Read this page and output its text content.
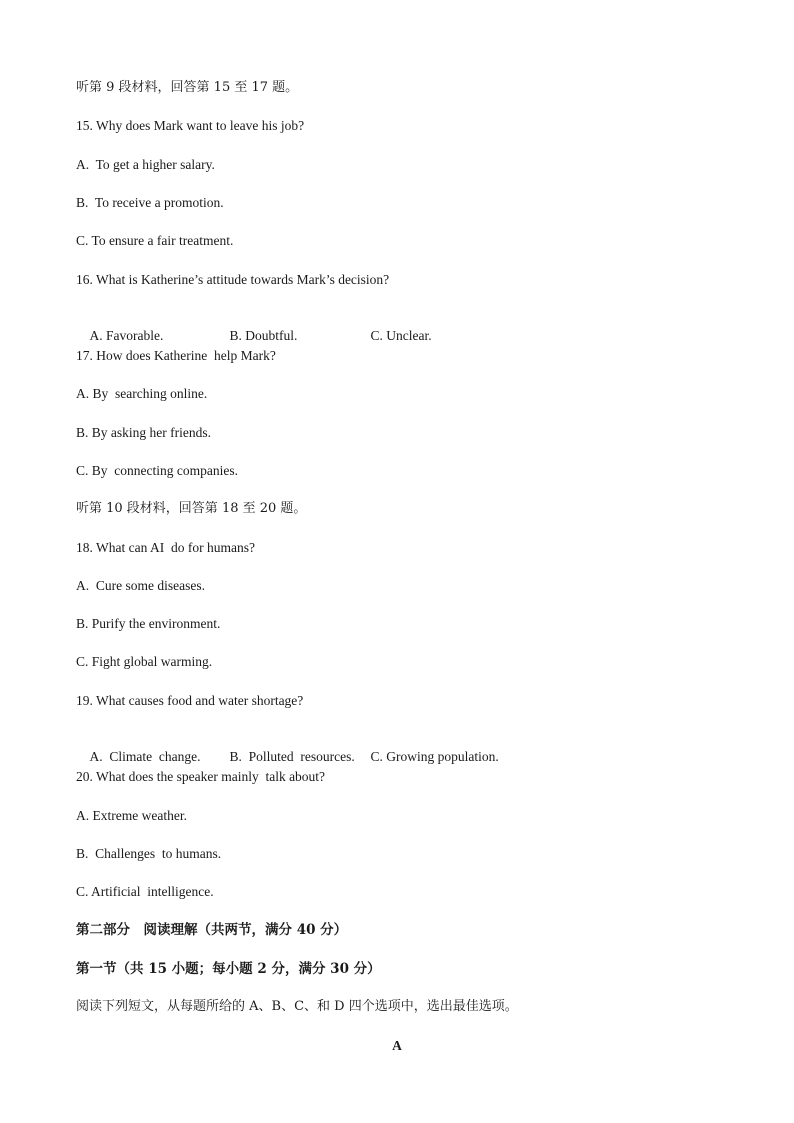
听第 9 段材料，回答第 15 至 17 题。
15. Why does Mark want to leave his job?
A.  To get a higher salary.
B.  To receive a promotion.
C. To ensure a fair treatment.
16. What is Katherine’s attitude towards Mark’s decision?

A. Favorable.	B. Doubtful.	C. Unclear.

17. How does Katherine  help Mark?
A. By  searching online.
B. By asking her friends.
C. By  connecting companies.
听第 10 段材料，回答第 18 至 20 题。
18. What can AI  do for humans?
A.  Cure some diseases.
B. Purify the environment.
C. Fight global warming.
19. What causes food and water shortage?

A.  Climate  change. B.  Polluted  resources. C. Growing population.

20. What does the speaker mainly  talk about?
A. Extreme weather.
B.  Challenges  to humans.
C. Artificial  intelligence.
第二部分　阅读理解（共两节，满分 40 分）
第一节（共 15 小题；每小题 2 分，满分 30 分）
阅读下列短文，从每题所给的 A、B、C、和 D 四个选项中，选出最佳选项。
A
